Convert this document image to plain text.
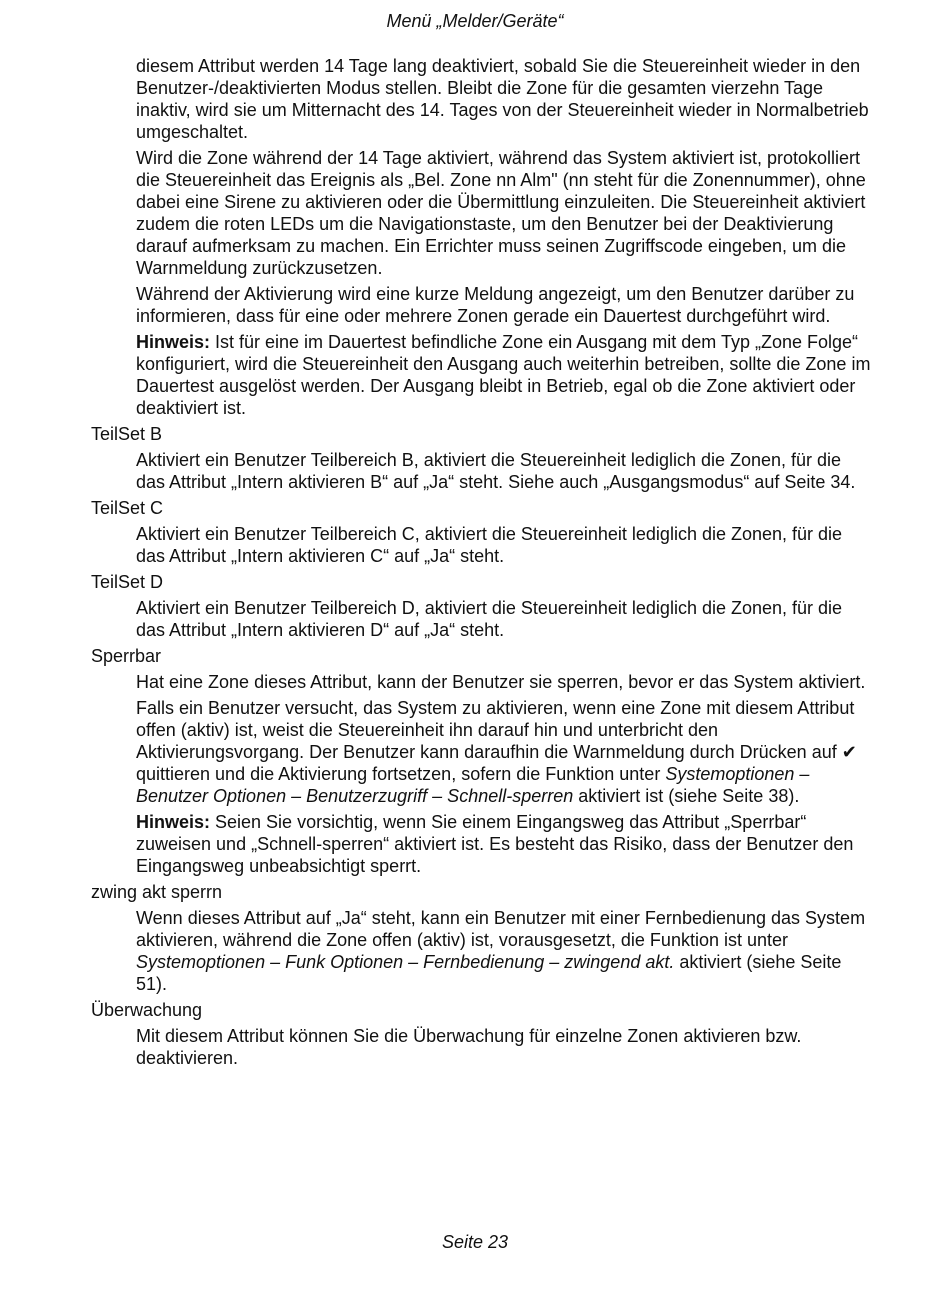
Menü „Melder/Geräte“

diesem Attribut werden 14 Tage lang deaktiviert, sobald Sie die Steuereinheit wieder in den Benutzer-/deaktivierten Modus stellen. Bleibt die Zone für die gesamten vierzehn Tage inaktiv, wird sie um Mitternacht des 14. Tages von der Steuereinheit wieder in Normalbetrieb umgeschaltet.

Wird die Zone während der 14 Tage aktiviert, während das System aktiviert ist, protokolliert die Steuereinheit das Ereignis als „Bel. Zone nn Alm" (nn steht für die Zonennummer), ohne dabei eine Sirene zu aktivieren oder die Übermittlung einzuleiten. Die Steuereinheit aktiviert zudem die roten LEDs um die Navigationstaste, um den Benutzer bei der Deaktivierung darauf aufmerksam zu machen. Ein Errichter muss seinen Zugriffscode eingeben, um die Warnmeldung zurückzusetzen.

Während der Aktivierung wird eine kurze Meldung angezeigt, um den Benutzer darüber zu informieren, dass für eine oder mehrere Zonen gerade ein Dauertest durchgeführt wird.

Hinweis: Ist für eine im Dauertest befindliche Zone ein Ausgang mit dem Typ „Zone Folge“ konfiguriert, wird die Steuereinheit den Ausgang auch weiterhin betreiben, sollte die Zone im Dauertest ausgelöst werden. Der Ausgang bleibt in Betrieb, egal ob die Zone aktiviert oder deaktiviert ist.

TeilSet B

Aktiviert ein Benutzer Teilbereich B, aktiviert die Steuereinheit lediglich die Zonen, für die das Attribut „Intern aktivieren B“ auf „Ja“ steht. Siehe auch „Ausgangsmodus“ auf Seite 34.

TeilSet C

Aktiviert ein Benutzer Teilbereich C, aktiviert die Steuereinheit lediglich die Zonen, für die das Attribut „Intern aktivieren C“ auf „Ja“ steht.

TeilSet D

Aktiviert ein Benutzer Teilbereich D, aktiviert die Steuereinheit lediglich die Zonen, für die das Attribut „Intern aktivieren D“ auf „Ja“ steht.

Sperrbar

Hat eine Zone dieses Attribut, kann der Benutzer sie sperren, bevor er das System aktiviert.

Falls ein Benutzer versucht, das System zu aktivieren, wenn eine Zone mit diesem Attribut offen (aktiv) ist, weist die Steuereinheit ihn darauf hin und unterbricht den Aktivierungsvorgang. Der Benutzer kann daraufhin die Warnmeldung durch Drücken auf ✔ quittieren und die Aktivierung fortsetzen, sofern die Funktion unter Systemoptionen – Benutzer Optionen – Benutzerzugriff – Schnell-sperren aktiviert ist (siehe Seite 38).

Hinweis: Seien Sie vorsichtig, wenn Sie einem Eingangsweg das Attribut „Sperrbar“ zuweisen und „Schnell-sperren“ aktiviert ist. Es besteht das Risiko, dass der Benutzer den Eingangsweg unbeabsichtigt sperrt.

zwing akt sperrn

Wenn dieses Attribut auf „Ja“ steht, kann ein Benutzer mit einer Fernbedienung das System aktivieren, während die Zone offen (aktiv) ist, vorausgesetzt, die Funktion ist unter Systemoptionen – Funk Optionen – Fernbedienung – zwingend akt. aktiviert (siehe Seite 51).

Überwachung

Mit diesem Attribut können Sie die Überwachung für einzelne Zonen aktivieren bzw. deaktivieren.

Seite 23
